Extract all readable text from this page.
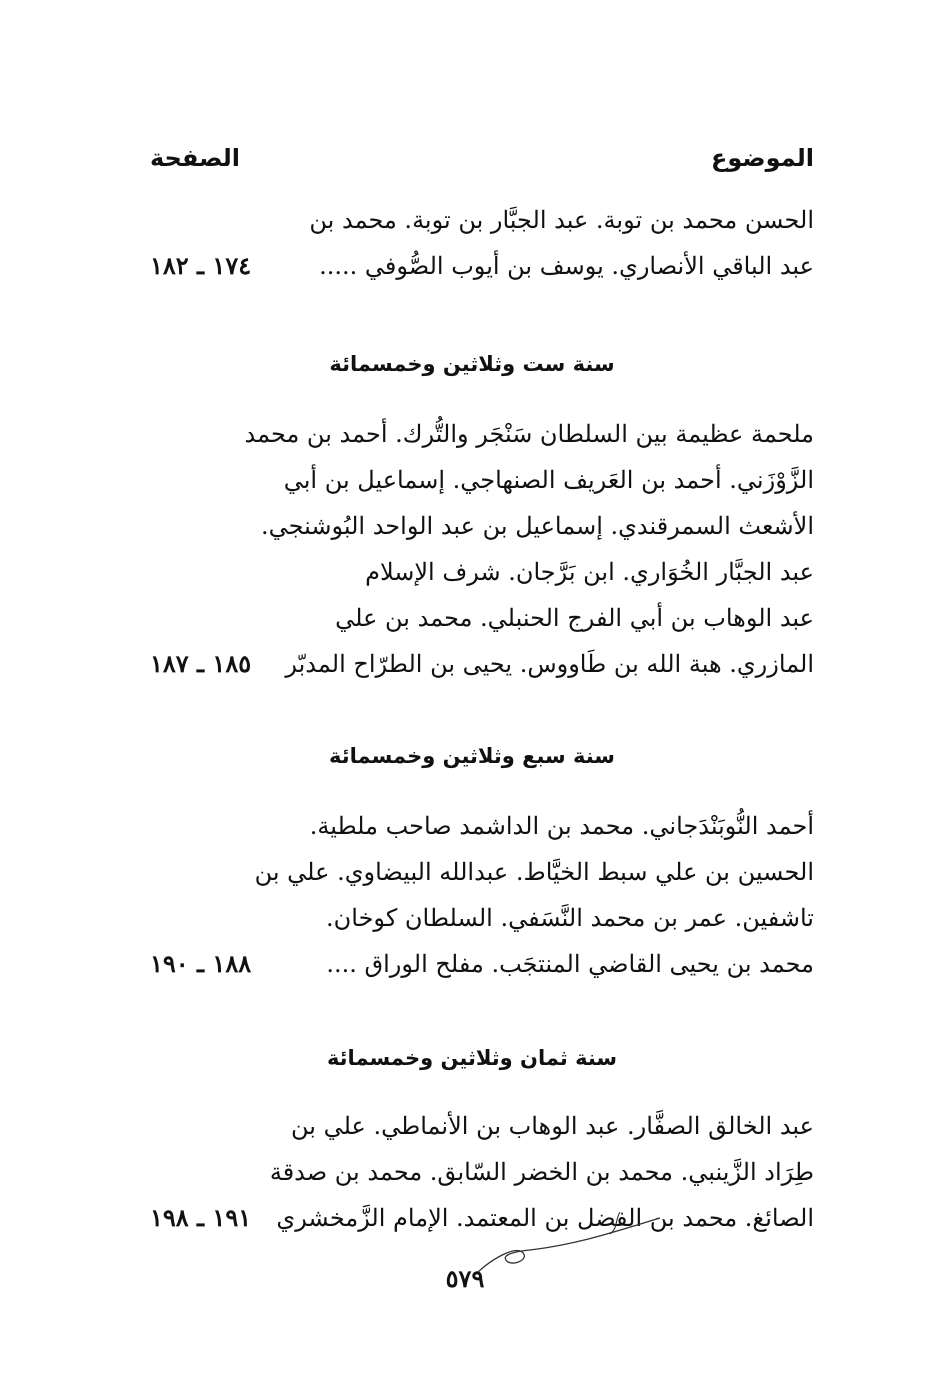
الموضوع
الصفحة
الحسن محمد بن توبة. عبد الجبَّار بن توبة. محمد بن
عبد الباقي الأنصاري. يوسف بن أيوب الصُّوفي .....
١٧٤ ـ ١٨٢
سنة ست وثلاثين وخمسمائة
ملحمة عظيمة بين السلطان سَنْجَر والتُّرك. أحمد بن محمد
الزَّوْزَني. أحمد بن العَريف الصنهاجي. إسماعيل بن أبي
الأشعث السمرقندي. إسماعيل بن عبد الواحد البُوشنجي.
عبد الجبَّار الخُوَاري. ابن بَرَّجان. شرف الإسلام
عبد الوهاب بن أبي الفرج الحنبلي. محمد بن علي
المازري. هبة الله بن طَاووس. يحيى بن الطرّاح المدبّر
١٨٥ ـ ١٨٧
سنة سبع وثلاثين وخمسمائة
أحمد النُّوبَنْدَجاني. محمد بن الداشمد صاحب ملطية.
الحسين بن علي سبط الخيَّاط. عبدالله البيضاوي. علي بن
تاشفين. عمر بن محمد النَّسَفي. السلطان كوخان.
محمد بن يحيى القاضي المنتجَب. مفلح الوراق ....
١٨٨ ـ ١٩٠
سنة ثمان وثلاثين وخمسمائة
عبد الخالق الصفَّار. عبد الوهاب بن الأنماطي. علي بن
طِرَاد الزَّينبي. محمد بن الخضر السّابق. محمد بن صدقة
الصائغ. محمد بن الفضل بن المعتمد. الإمام الزَّمخشري
١٩١ ـ ١٩٨
٥٧٩
